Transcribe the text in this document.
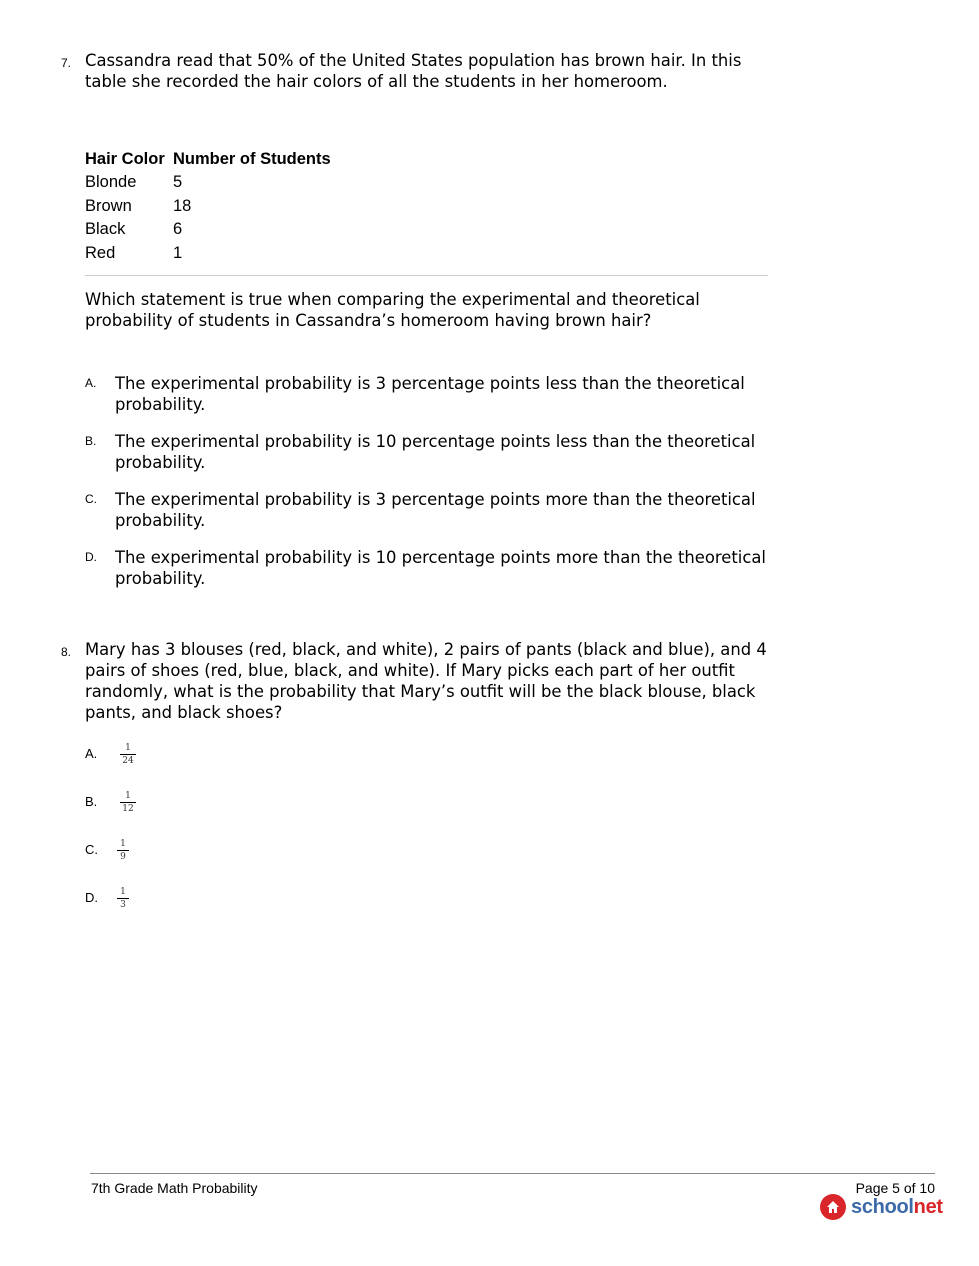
7. Cassandra read that 50% of the United States population has brown hair. In this table she recorded the hair colors of all the students in her homeroom.
Hair Color	Number of Students
Blonde	5
Brown	18
Black	6
Red	1
Which statement is true when comparing the experimental and theoretical probability of students in Cassandra’s homeroom having brown hair?
A. The experimental probability is 3 percentage points less than the theoretical probability.
B. The experimental probability is 10 percentage points less than the theoretical probability.
C. The experimental probability is 3 percentage points more than the theoretical probability.
D. The experimental probability is 10 percentage points more than the theoretical probability.
8. Mary has 3 blouses (red, black, and white), 2 pairs of pants (black and blue), and 4 pairs of shoes (red, blue, black, and white). If Mary picks each part of her outfit randomly, what is the probability that Mary’s outfit will be the black blouse, black pants, and black shoes?
A.	$\frac{1}{24}$
B.	$\frac{1}{12}$
C. $\frac{1}{9}$
D. $\frac{1}{3}$
7th Grade Math Probability	Page 5 of 10
schoolnet
